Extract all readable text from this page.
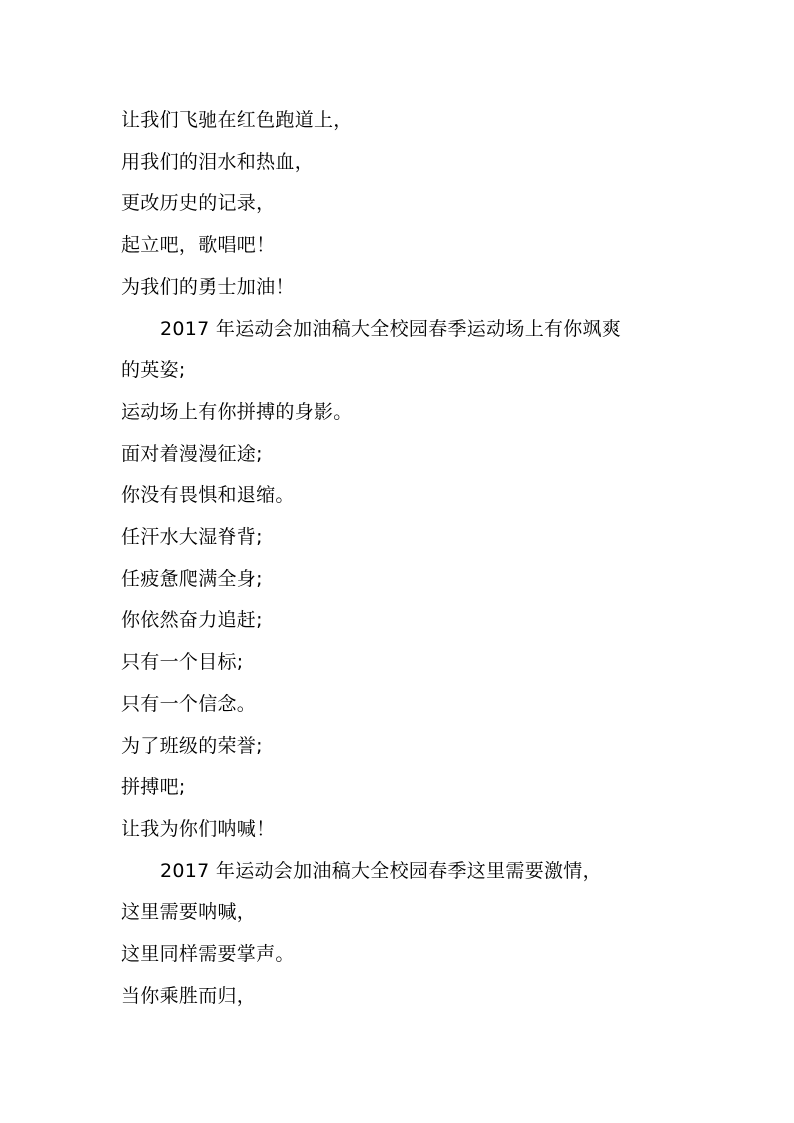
让我们飞驰在红色跑道上，
用我们的泪水和热血，
更改历史的记录，
起立吧，歌唱吧！
为我们的勇士加油！
2017 年运动会加油稿大全校园春季运动场上有你飒爽
的英姿;
运动场上有你拼搏的身影。
面对着漫漫征途;
你没有畏惧和退缩。
任汗水大湿脊背;
任疲惫爬满全身;
你依然奋力追赶;
只有一个目标;
只有一个信念。
为了班级的荣誉;
拼搏吧;
让我为你们呐喊！
2017 年运动会加油稿大全校园春季这里需要激情，
这里需要呐喊，
这里同样需要掌声。
当你乘胜而归，
